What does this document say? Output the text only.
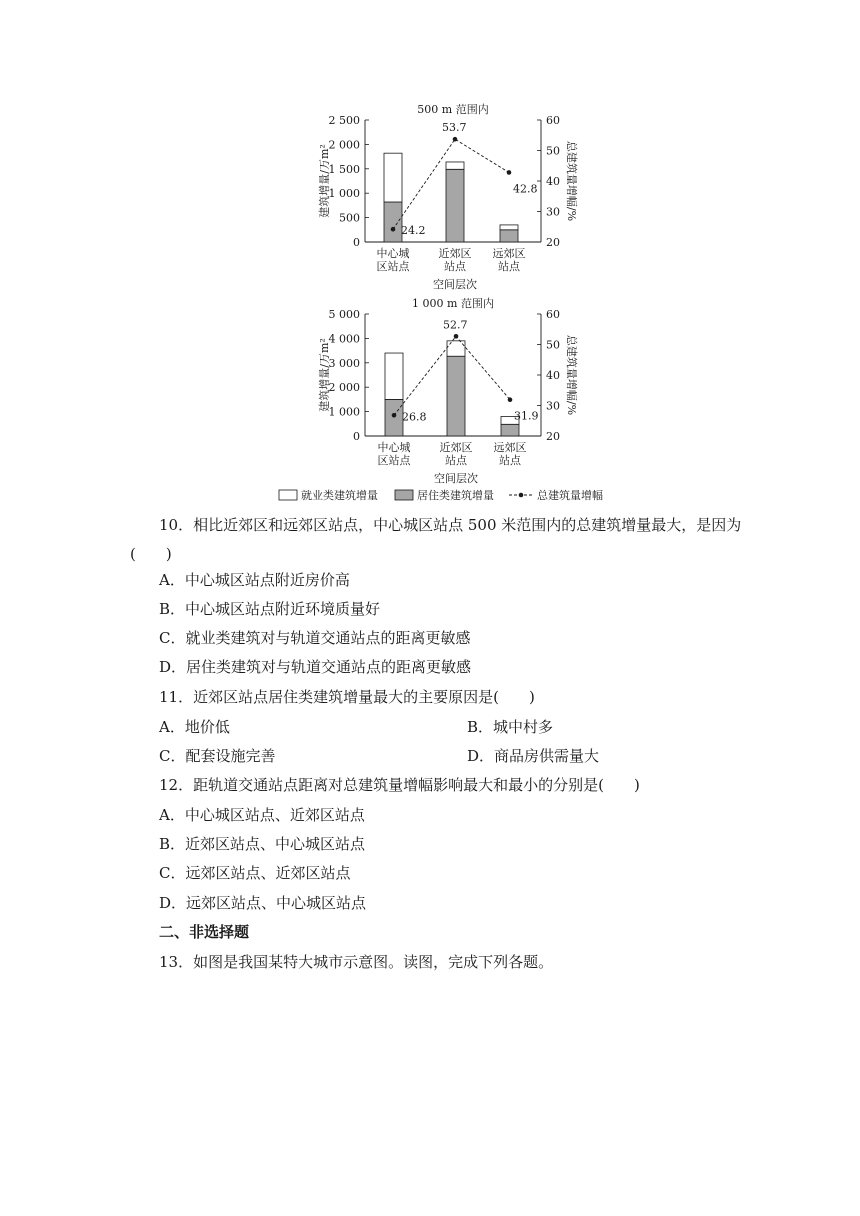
500 m 范围内
0
500
1 000
1 500
2 000
2 500
20
30
40
50
60
建筑增量/万m²	总建筑量增幅/%
中心城
区站点
近郊区
站点
远郊区
站点
空间层次
24.2
53.7
42.8
1 000 m 范围内
0
1 000
2 000
3 000
4 000
5 000
20
30
40
50
60
建筑增量/万m²	总建筑量增幅/%
中心城
区站点
近郊区
站点
远郊区
站点
空间层次
26.8
52.7
31.9
就业类建筑增量	居住类建筑增量	总建筑量增幅
10．相比近郊区和远郊区站点，中心城区站点 500 米范围内的总建筑增量最大，是因为
(　　)
A．中心城区站点附近房价高
B．中心城区站点附近环境质量好
C．就业类建筑对与轨道交通站点的距离更敏感
D．居住类建筑对与轨道交通站点的距离更敏感
11．近郊区站点居住类建筑增量最大的主要原因是(　　)
A．地价低	B．城中村多
C．配套设施完善	D．商品房供需量大
12．距轨道交通站点距离对总建筑量增幅影响最大和最小的分别是(　　)
A．中心城区站点、近郊区站点
B．近郊区站点、中心城区站点
C．远郊区站点、近郊区站点
D．远郊区站点、中心城区站点
二、非选择题
13．如图是我国某特大城市示意图。读图，完成下列各题。
